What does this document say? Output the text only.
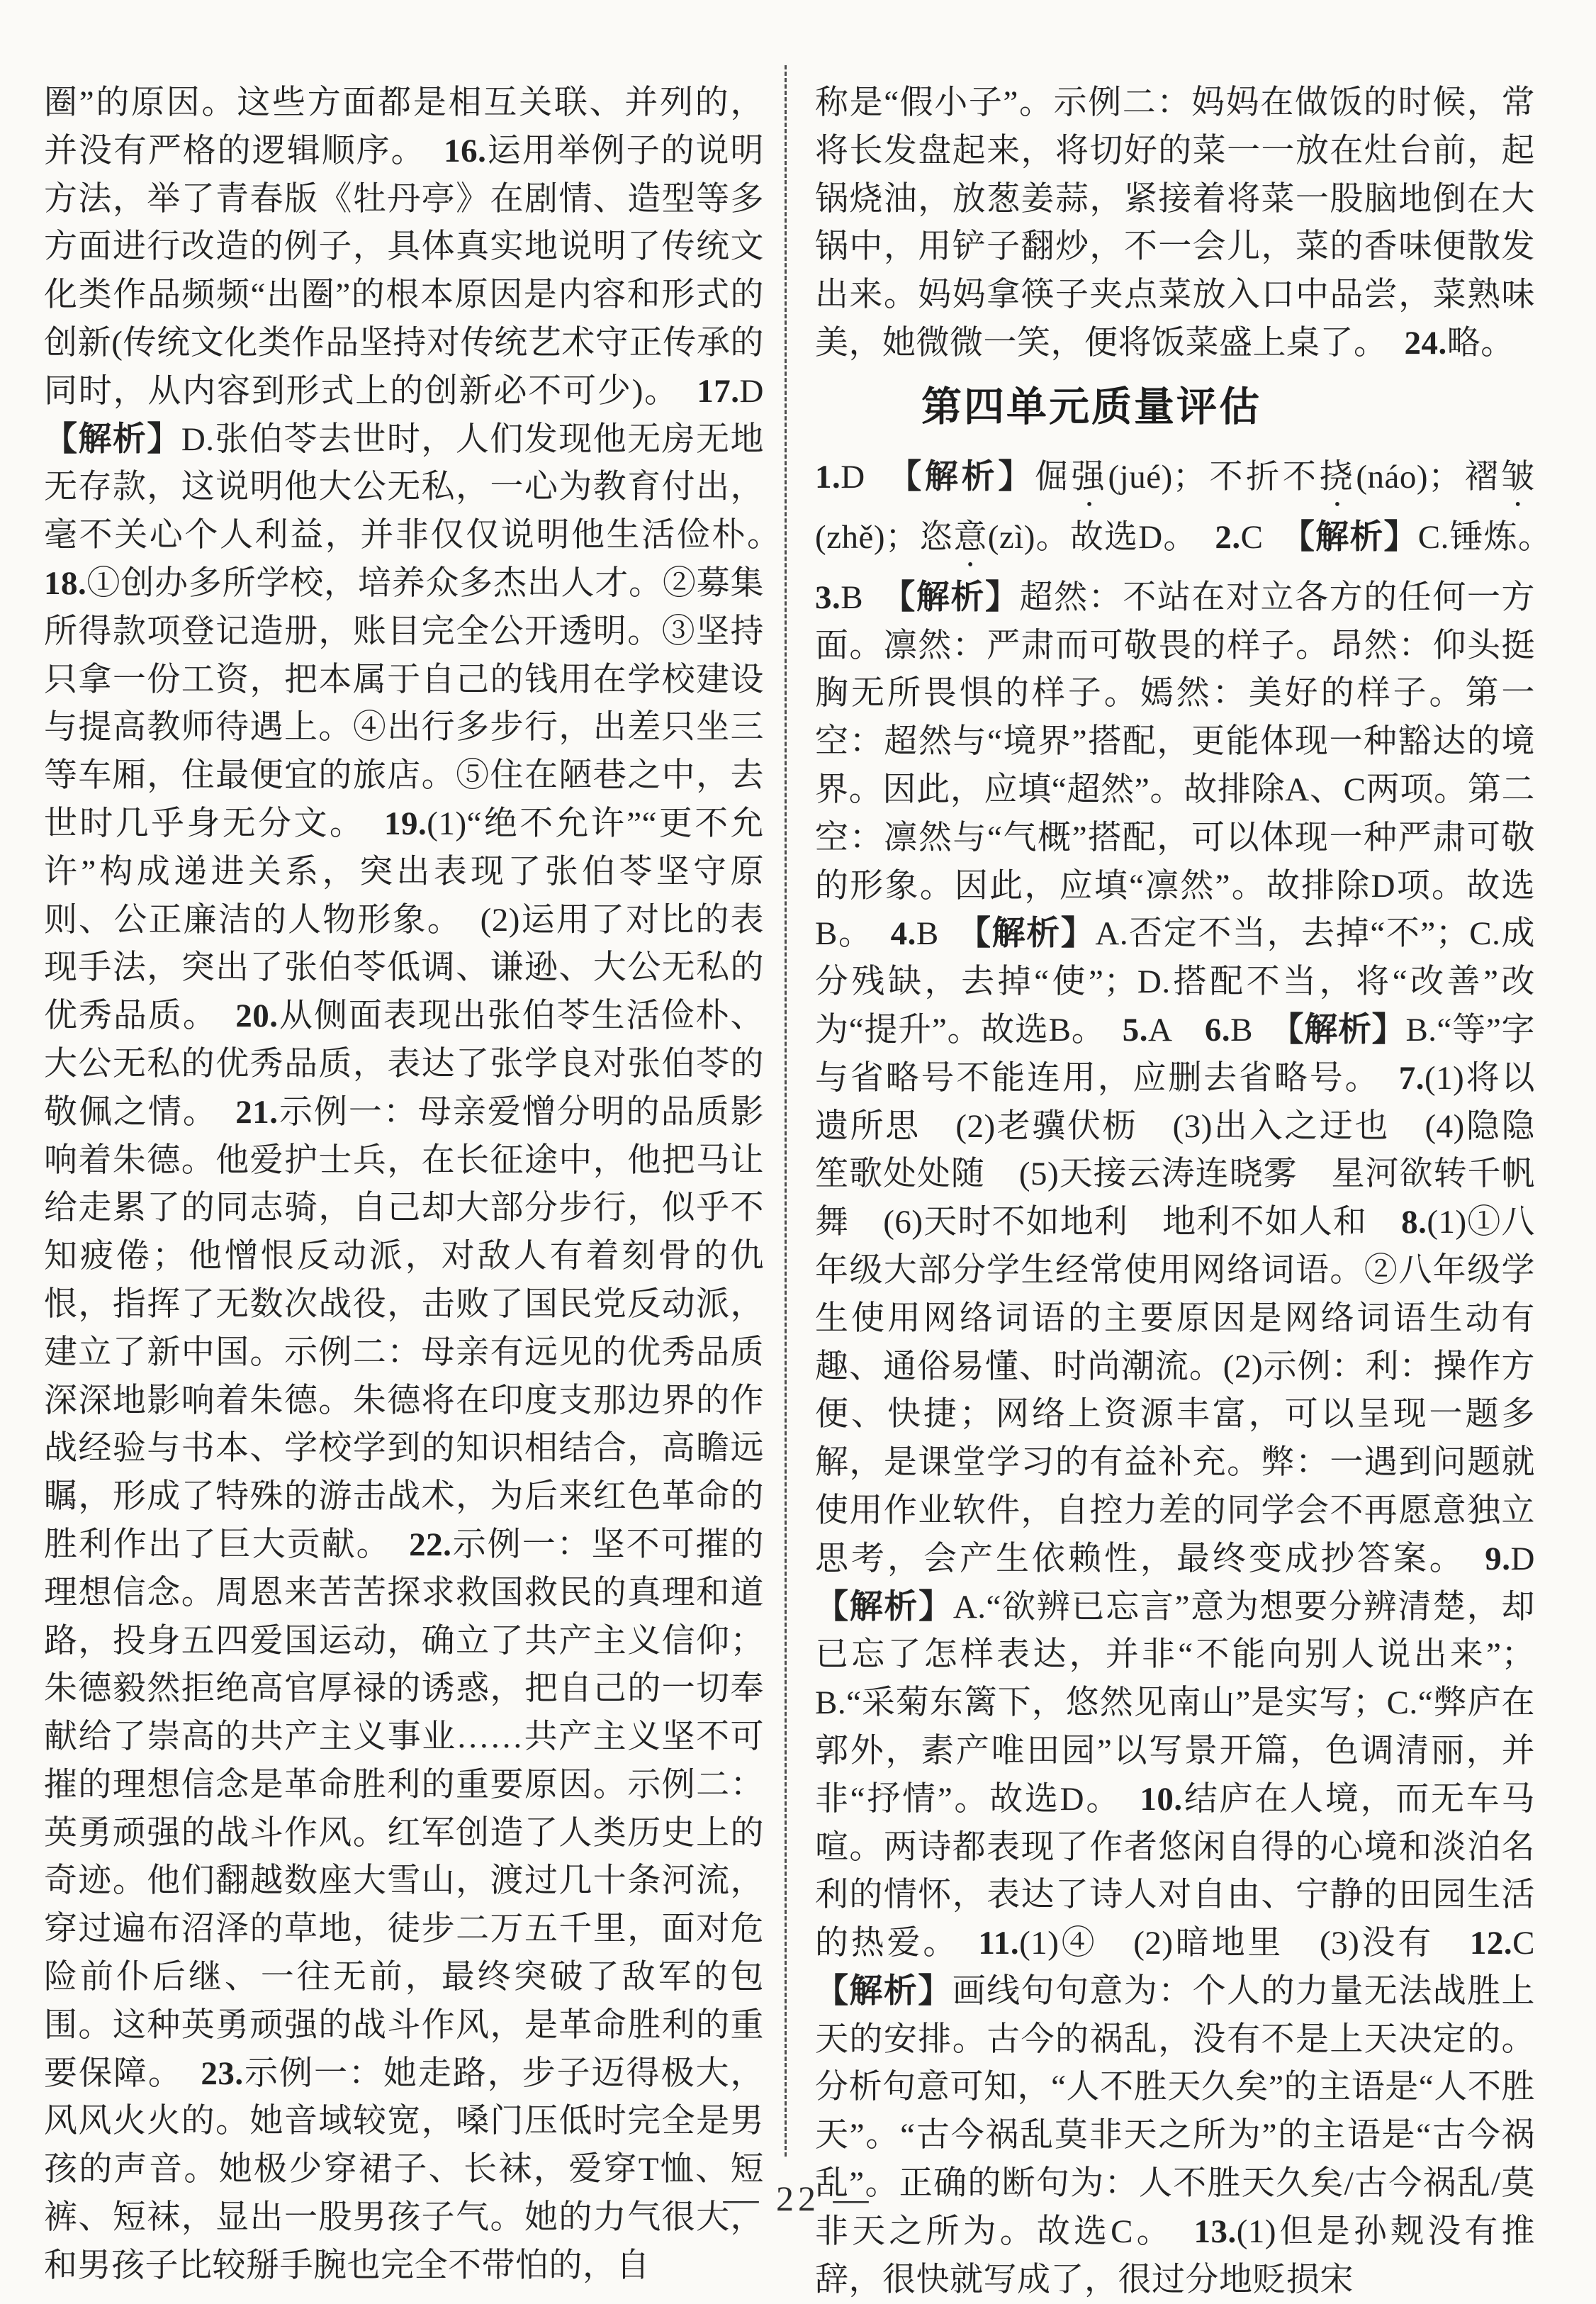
圈”的原因。这些方面都是相互关联、并列的，并没有严格的逻辑顺序。　16.运用举例子的说明方法，举了青春版《牡丹亭》在剧情、造型等多方面进行改造的例子，具体真实地说明了传统文化类作品频频“出圈”的根本原因是内容和形式的创新(传统文化类作品坚持对传统艺术守正传承的同时，从内容到形式上的创新必不可少)。　17.D　【解析】D.张伯苓去世时，人们发现他无房无地无存款，这说明他大公无私，一心为教育付出，毫不关心个人利益，并非仅仅说明他生活俭朴。　18.①创办多所学校，培养众多杰出人才。②募集所得款项登记造册，账目完全公开透明。③坚持只拿一份工资，把本属于自己的钱用在学校建设与提高教师待遇上。④出行多步行，出差只坐三等车厢，住最便宜的旅店。⑤住在陋巷之中，去世时几乎身无分文。　19.(1)“绝不允许”“更不允许”构成递进关系，突出表现了张伯苓坚守原则、公正廉洁的人物形象。　(2)运用了对比的表现手法，突出了张伯苓低调、谦逊、大公无私的优秀品质。　20.从侧面表现出张伯苓生活俭朴、大公无私的优秀品质，表达了张学良对张伯苓的敬佩之情。　21.示例一：母亲爱憎分明的品质影响着朱德。他爱护士兵，在长征途中，他把马让给走累了的同志骑，自己却大部分步行，似乎不知疲倦；他憎恨反动派，对敌人有着刻骨的仇恨，指挥了无数次战役，击败了国民党反动派，建立了新中国。示例二：母亲有远见的优秀品质深深地影响着朱德。朱德将在印度支那边界的作战经验与书本、学校学到的知识相结合，高瞻远瞩，形成了特殊的游击战术，为后来红色革命的胜利作出了巨大贡献。　22.示例一：坚不可摧的理想信念。周恩来苦苦探求救国救民的真理和道路，投身五四爱国运动，确立了共产主义信仰；朱德毅然拒绝高官厚禄的诱惑，把自己的一切奉献给了崇高的共产主义事业……共产主义坚不可摧的理想信念是革命胜利的重要原因。示例二：英勇顽强的战斗作风。红军创造了人类历史上的奇迹。他们翻越数座大雪山，渡过几十条河流，穿过遍布沼泽的草地，徒步二万五千里，面对危险前仆后继、一往无前，最终突破了敌军的包围。这种英勇顽强的战斗作风，是革命胜利的重要保障。　23.示例一：她走路，步子迈得极大，风风火火的。她音域较宽，嗓门压低时完全是男孩的声音。她极少穿裙子、长袜，爱穿T恤、短裤、短袜，显出一股男孩子气。她的力气很大，和男孩子比较掰手腕也完全不带怕的，自
称是“假小子”。示例二：妈妈在做饭的时候，常将长发盘起来，将切好的菜一一放在灶台前，起锅烧油，放葱姜蒜，紧接着将菜一股脑地倒在大锅中，用铲子翻炒，不一会儿，菜的香味便散发出来。妈妈拿筷子夹点菜放入口中品尝，菜熟味美，她微微一笑，便将饭菜盛上桌了。　24.略。
第四单元质量评估
1.D　【解析】倔强(jué)；不折不挠(náo)；褶皱(zhě)；恣意(zì)。故选D。　2.C　【解析】C.锤炼。　3.B　【解析】超然：不站在对立各方的任何一方面。凛然：严肃而可敬畏的样子。昂然：仰头挺胸无所畏惧的样子。嫣然：美好的样子。第一空：超然与“境界”搭配，更能体现一种豁达的境界。因此，应填“超然”。故排除A、C两项。第二空：凛然与“气概”搭配，可以体现一种严肃可敬的形象。因此，应填“凛然”。故排除D项。故选B。　4.B　【解析】A.否定不当，去掉“不”；C.成分残缺，去掉“使”；D.搭配不当，将“改善”改为“提升”。故选B。　5.A　6.B　【解析】B.“等”字与省略号不能连用，应删去省略号。　7.(1)将以遗所思　(2)老骥伏枥　(3)出入之迂也　(4)隐隐笙歌处处随　(5)天接云涛连晓雾　星河欲转千帆舞　(6)天时不如地利　地利不如人和　8.(1)①八年级大部分学生经常使用网络词语。②八年级学生使用网络词语的主要原因是网络词语生动有趣、通俗易懂、时尚潮流。(2)示例：利：操作方便、快捷；网络上资源丰富，可以呈现一题多解，是课堂学习的有益补充。弊：一遇到问题就使用作业软件，自控力差的同学会不再愿意独立思考，会产生依赖性，最终变成抄答案。　9.D　【解析】A.“欲辨已忘言”意为想要分辨清楚，却已忘了怎样表达，并非“不能向别人说出来”；B.“采菊东篱下，悠然见南山”是实写；C.“弊庐在郭外，素产唯田园”以写景开篇，色调清丽，并非“抒情”。故选D。　10.结庐在人境，而无车马喧。两诗都表现了作者悠闲自得的心境和淡泊名利的情怀，表达了诗人对自由、宁静的田园生活的热爱。　11.(1)④　(2)暗地里　(3)没有　12.C　【解析】画线句句意为：个人的力量无法战胜上天的安排。古今的祸乱，没有不是上天决定的。分析句意可知，“人不胜天久矣”的主语是“人不胜天”。“古今祸乱莫非天之所为”的主语是“古今祸乱”。正确的断句为：人不胜天久矣/古今祸乱/莫非天之所为。故选C。　13.(1)但是孙觌没有推辞，很快就写成了，很过分地贬损宋
— 22 —
